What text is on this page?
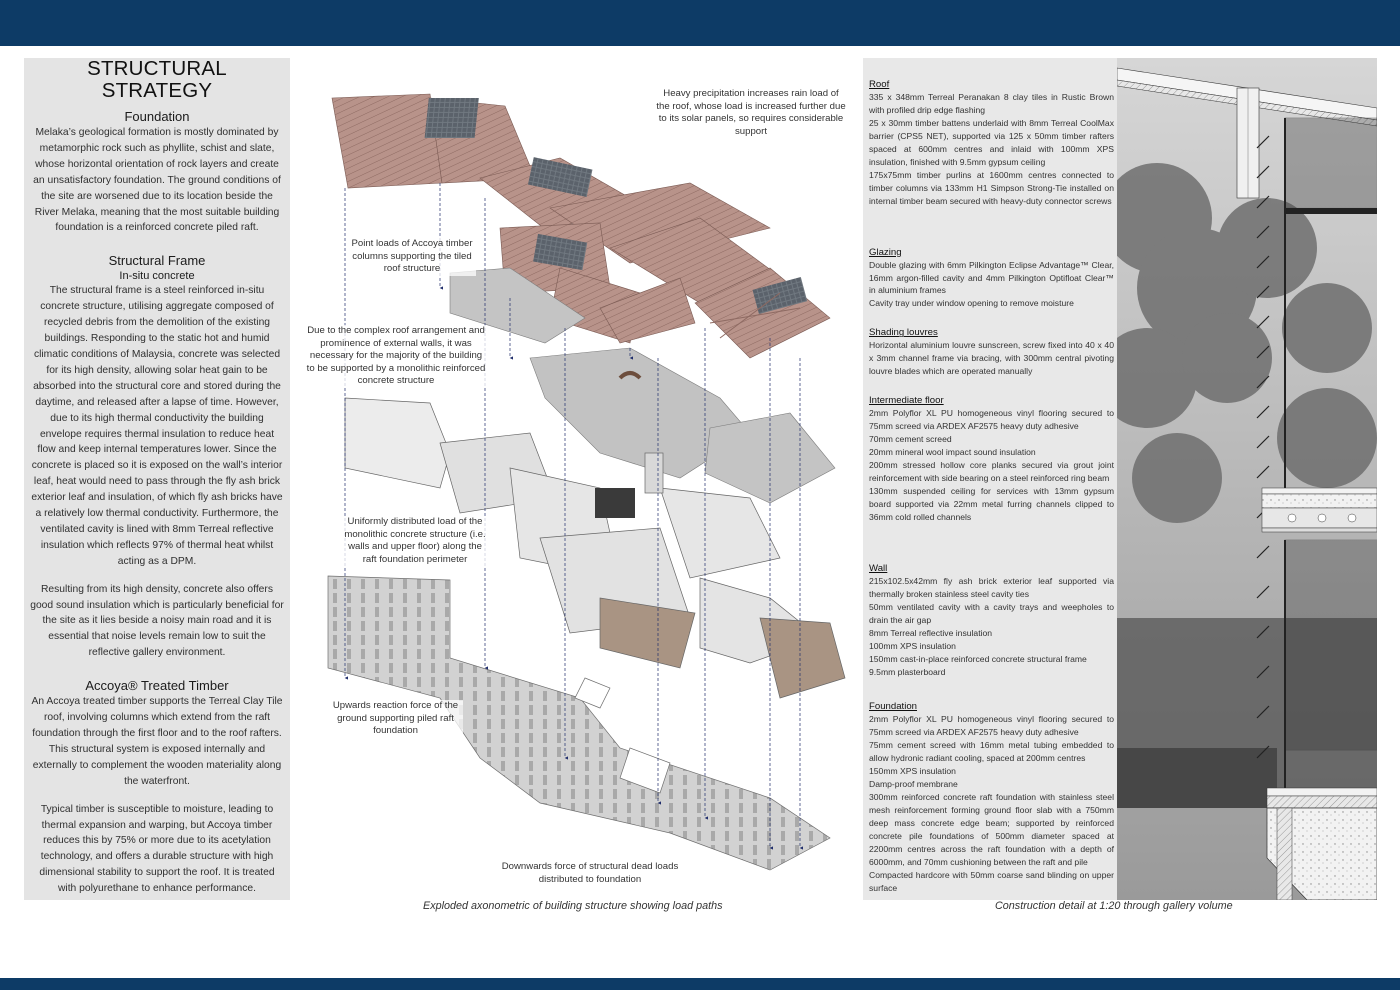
STRUCTURAL STRATEGY
Foundation

Melaka’s geological formation is mostly dominated by metamorphic rock such as phyllite, schist and slate, whose horizontal orientation of rock layers and create an unsatisfactory foundation. The ground conditions of the site are worsened due to its location beside the River Melaka, meaning that the most suitable building foundation is a reinforced concrete piled raft.

Structural Frame
In-situ concrete

The structural frame is a steel reinforced in-situ concrete structure, utilising aggregate composed of recycled debris from the demolition of the existing buildings. Responding to the static hot and humid climatic conditions of Malaysia, concrete was selected for its high density, allowing solar heat gain to be absorbed into the structural core and stored during the daytime, and released after a lapse of time. However, due to its high thermal conductivity the building envelope requires thermal insulation to reduce heat flow and keep internal temperatures lower. Since the concrete is placed so it is exposed on the wall’s interior leaf, heat would need to pass through the fly ash brick exterior leaf and insulation, of which fly ash bricks have a relatively low thermal conductivity. Furthermore, the ventilated cavity is lined with 8mm Terreal reflective insulation which reflects 97% of thermal heat whilst acting as a DPM.

Resulting from its high density, concrete also offers good sound insulation which is particularly beneficial for the site as it lies beside a noisy main road and it is essential that noise levels remain low to suit the reflective gallery environment.

Accoya® Treated Timber

An Accoya treated timber supports the Terreal Clay Tile roof, involving columns which extend from the raft foundation through the first floor and to the roof rafters. This structural system is exposed internally and externally to complement the wooden materiality along the waterfront.

Typical timber is susceptible to moisture, leading to thermal expansion and warping, but Accoya timber reduces this by 75% or more due to its acetylation technology, and offers a durable structure with high dimensional stability to support the roof. It is treated with polyurethane to enhance performance.

Heavy precipitation increases rain load of the roof, whose load is increased further due to its solar panels, so requires considerable support
Point loads of Accoya timber columns supporting the tiled roof structure
Due to the complex roof arrangement and prominence of external walls, it was necessary for the majority of the building to be supported by a monolithic reinforced concrete structure
Uniformly distributed load of the monolithic concrete structure (i.e. walls and upper floor) along the raft foundation perimeter
Upwards reaction force of the ground supporting piled raft foundation
Downwards force of structural dead loads distributed to foundation
Exploded axonometric of building structure showing load paths
Roof
335 x 348mm Terreal Peranakan 8 clay tiles in Rustic Brown with profiled drip edge flashing
25 x 30mm timber battens underlaid with 8mm Terreal CoolMax barrier (CPS5 NET), supported via 125 x 50mm timber rafters spaced at 600mm centres and inlaid with 100mm XPS insulation, finished with 9.5mm gypsum ceiling
175x75mm timber purlins at 1600mm centres connected to timber columns via 133mm H1 Simpson Strong-Tie installed on internal timber beam secured with heavy-duty connector screws
Glazing
Double glazing with 6mm Pilkington Eclipse Advantage™ Clear, 16mm argon-filled cavity and 4mm Pilkington Optifloat Clear™ in aluminium frames
Cavity tray under window opening to remove moisture
Shading louvres
Horizontal aluminium louvre sunscreen, screw fixed into 40 x 40 x 3mm channel frame via bracing, with 300mm central pivoting louvre blades which are operated manually
Intermediate floor
2mm Polyflor XL PU homogeneous vinyl flooring secured to 75mm screed via ARDEX AF2575 heavy duty adhesive
70mm cement screed
20mm mineral wool impact sound insulation
200mm stressed hollow core planks secured via grout joint reinforcement with side bearing on a steel reinforced ring beam
130mm suspended ceiling for services with 13mm gypsum board supported via 22mm metal furring channels clipped to 36mm cold rolled channels
Wall
215x102.5x42mm fly ash brick exterior leaf supported via thermally broken stainless steel cavity ties
50mm ventilated cavity with a cavity trays and weepholes to drain the air gap
8mm Terreal reflective insulation
100mm XPS insulation
150mm cast-in-place reinforced concrete structural frame
9.5mm plasterboard
Foundation
2mm Polyflor XL PU homogeneous vinyl flooring secured to 75mm screed via ARDEX AF2575 heavy duty adhesive
75mm cement screed with 16mm metal tubing embedded to allow hydronic radiant cooling, spaced at 200mm centres
150mm XPS insulation
Damp-proof membrane
300mm reinforced concrete raft foundation with stainless steel mesh reinforcement forming ground floor slab with a 750mm deep mass concrete edge beam; supported by reinforced concrete pile foundations of 500mm diameter spaced at 2200mm centres across the raft foundation with a depth of 6000mm, and 70mm cushioning between the raft and pile
Compacted hardcore with 50mm coarse sand blinding on upper surface
Construction detail at 1:20 through gallery volume
